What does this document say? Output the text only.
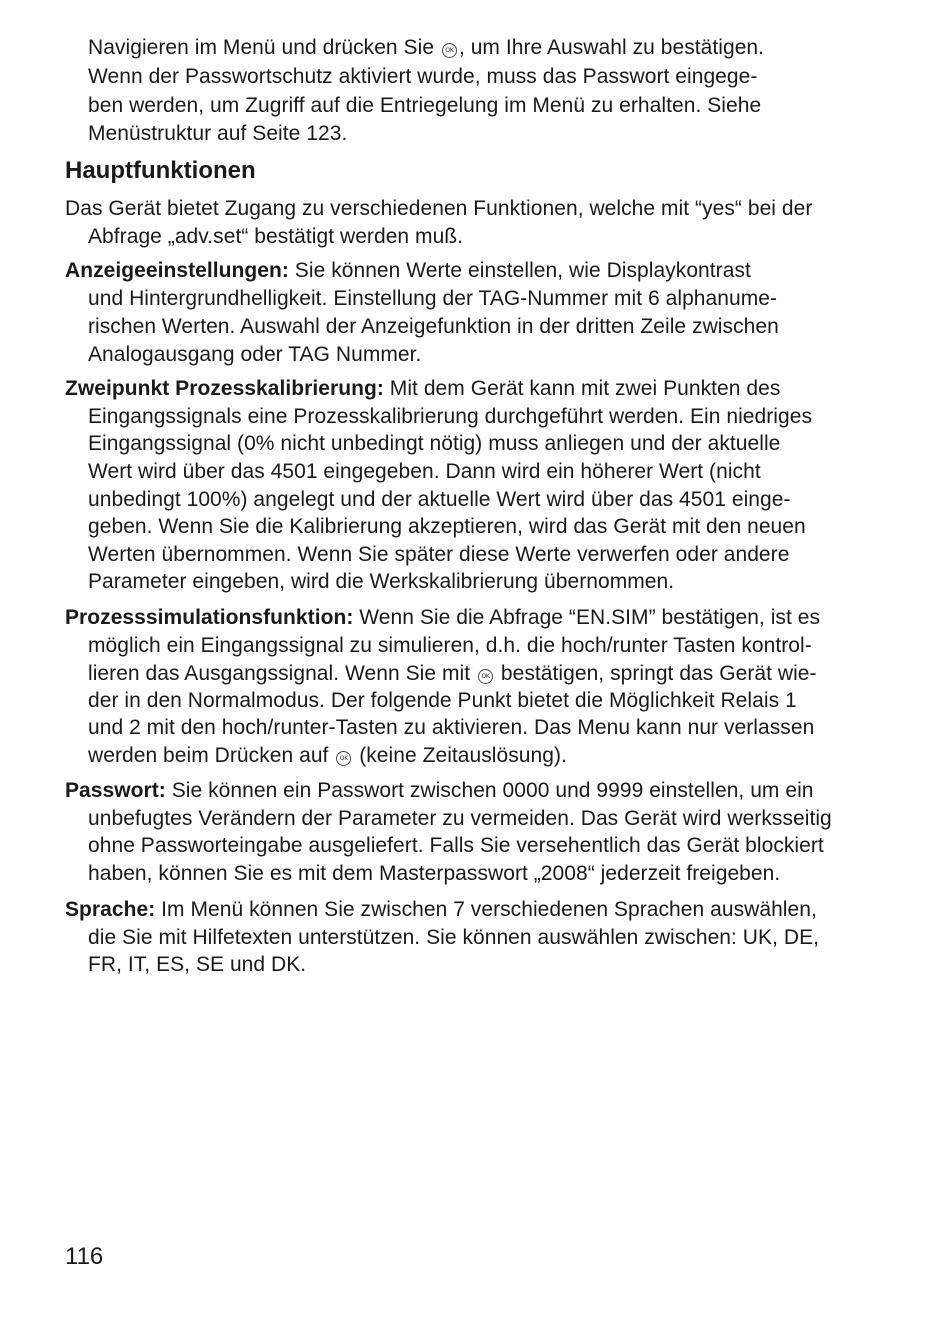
Navigieren im Menü und drücken Sie OK , um Ihre Auswahl zu bestätigen.
Wenn der Passwortschutz aktiviert wurde, muss das Passwort eingege-
ben werden, um Zugriff auf die Entriegelung im Menü zu erhalten. Siehe
Menüstruktur auf Seite 123.
Hauptfunktionen
Das Gerät bietet Zugang zu verschiedenen Funktionen, welche mit “yes“ bei der
Abfrage „adv.set“ bestätigt werden muß.
Anzeigeeinstellungen: Sie können Werte einstellen, wie Displaykontrast
und Hintergrundhelligkeit. Einstellung der TAG-Nummer mit 6 alphanume-
rischen Werten. Auswahl der Anzeigefunktion in der dritten Zeile zwischen
Analogausgang oder TAG Nummer.
Zweipunkt Prozesskalibrierung: Mit dem Gerät kann mit zwei Punkten des
Eingangssignals eine Prozesskalibrierung durchgeführt werden. Ein niedriges
Eingangssignal (0% nicht unbedingt nötig) muss anliegen und der aktuelle
Wert wird über das 4501 eingegeben. Dann wird ein höherer Wert (nicht
unbedingt 100%) angelegt und der aktuelle Wert wird über das 4501 einge-
geben. Wenn Sie die Kalibrierung akzeptieren, wird das Gerät mit den neuen
Werten übernommen. Wenn Sie später diese Werte verwerfen oder andere
Parameter eingeben, wird die Werkskalibrierung übernommen.
Prozesssimulationsfunktion: Wenn Sie die Abfrage “EN.SIM” bestätigen, ist es
möglich ein Eingangssignal zu simulieren, d.h. die hoch/runter Tasten kontrol-
lieren das Ausgangssignal. Wenn Sie mit OK bestätigen, springt das Gerät wie-
der in den Normalmodus. Der folgende Punkt bietet die Möglichkeit Relais 1
und 2 mit den hoch/runter-Tasten zu aktivieren. Das Menu kann nur verlassen
werden beim Drücken auf OK (keine Zeitauslösung).
Passwort: Sie können ein Passwort zwischen 0000 und 9999 einstellen, um ein
unbefugtes Verändern der Parameter zu vermeiden. Das Gerät wird werksseitig
ohne Passworteingabe ausgeliefert. Falls Sie versehentlich das Gerät blockiert
haben, können Sie es mit dem Masterpasswort „2008“ jederzeit freigeben.
Sprache: Im Menü können Sie zwischen 7 verschiedenen Sprachen auswählen,
die Sie mit Hilfetexten unterstützen. Sie können auswählen zwischen: UK, DE,
FR, IT, ES, SE und DK.
116
